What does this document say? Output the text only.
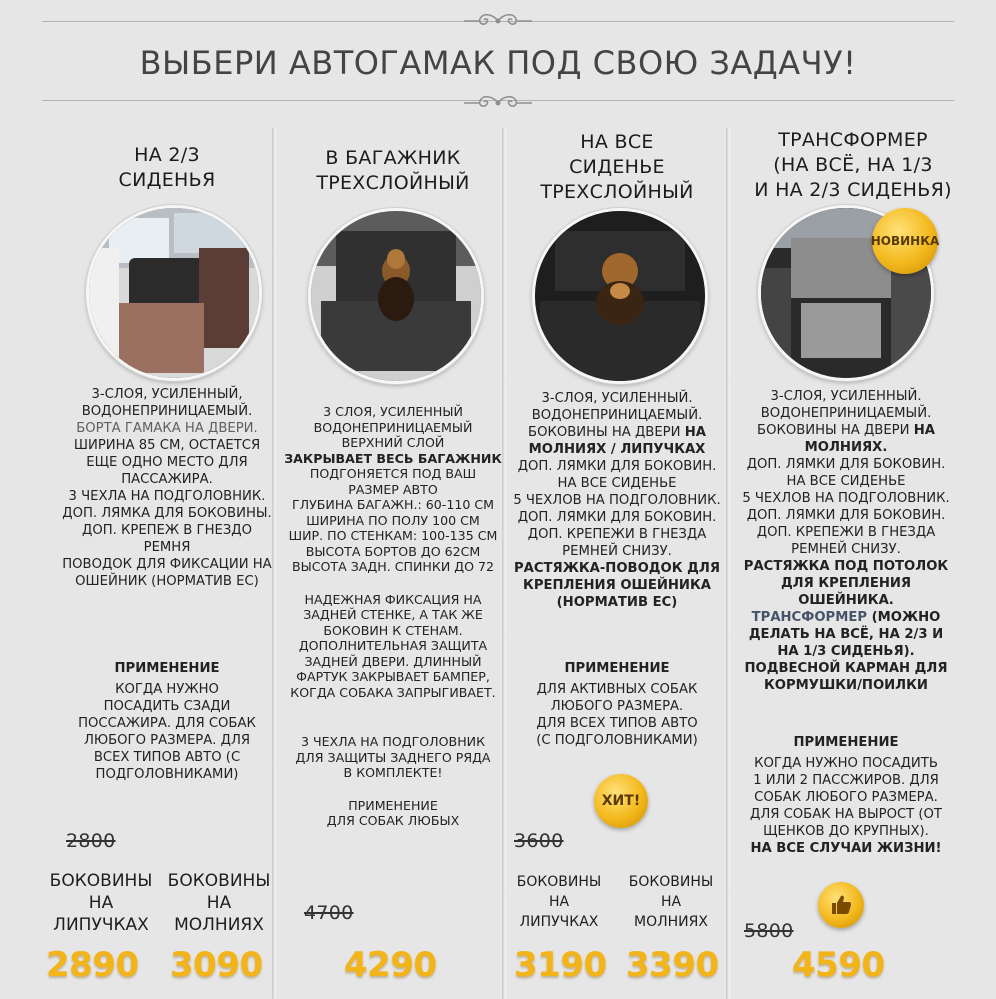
ВЫБЕРИ АВТОГАМАК ПОД СВОЮ ЗАДАЧУ!
НА 2/3
СИДЕНЬЯ
3-СЛОЯ, УСИЛЕННЫЙ,
ВОДОНЕПРИНИЦАЕМЫЙ.
БОРТА ГАМАКА НА ДВЕРИ.
ШИРИНА 85 СМ, ОСТАЕТСЯ
ЕЩЕ ОДНО МЕСТО ДЛЯ
ПАССАЖИРА.
3 ЧЕХЛА НА ПОДГОЛОВНИК.
ДОП. ЛЯМКА ДЛЯ БОКОВИНЫ.
ДОП. КРЕПЕЖ В ГНЕЗДО
РЕМНЯ
ПОВОДОК ДЛЯ ФИКСАЦИИ НА
ОШЕЙНИК (НОРМАТИВ ЕС)
ПРИМЕНЕНИЕ
КОГДА НУЖНО
ПОСАДИТЬ СЗАДИ
ПОССАЖИРА. ДЛЯ СОБАК
ЛЮБОГО РАЗМЕРА. ДЛЯ
ВСЕХ ТИПОВ АВТО (С
ПОДГОЛОВНИКАМИ)
2800
БОКОВИНЫ
НА
ЛИПУЧКАХ
БОКОВИНЫ
НА
МОЛНИЯХ
2890 3090
В БАГАЖНИК
ТРЕХСЛОЙНЫЙ
3 СЛОЯ, УСИЛЕННЫЙ
ВОДОНЕПРИНИЦАЕМЫЙ
ВЕРХНИЙ СЛОЙ
ЗАКРЫВАЕТ ВЕСЬ БАГАЖНИК
ПОДГОНЯЕТСЯ ПОД ВАШ
РАЗМЕР АВТО
ГЛУБИНА БАГАЖН.: 60-110 СМ
ШИРИНА ПО ПОЛУ 100 СМ
ШИР. ПО СТЕНКАМ: 100-135 СМ
ВЫСОТА БОРТОВ ДО 62СМ
ВЫСОТА ЗАДН. СПИНКИ ДО 72
НАДЕЖНАЯ ФИКСАЦИЯ НА
ЗАДНЕЙ СТЕНКЕ, А ТАК ЖЕ
БОКОВИН К СТЕНАМ.
ДОПОЛНИТЕЛЬНАЯ ЗАЩИТА
ЗАДНЕЙ ДВЕРИ. ДЛИННЫЙ
ФАРТУК ЗАКРЫВАЕТ БАМПЕР,
КОГДА СОБАКА ЗАПРЫГИВАЕТ.
3 ЧЕХЛА НА ПОДГОЛОВНИК
ДЛЯ ЗАЩИТЫ ЗАДНЕГО РЯДА
В КОМПЛЕКТЕ!
ПРИМЕНЕНИЕ
ДЛЯ СОБАК ЛЮБЫХ
4700
4290
НА ВСЕ
СИДЕНЬЕ
ТРЕХСЛОЙНЫЙ
3-СЛОЯ, УСИЛЕННЫЙ.
ВОДОНЕПРИНИЦАЕМЫЙ.
БОКОВИНЫ НА ДВЕРИ НА
МОЛНИЯХ / ЛИПУЧКАХ
ДОП. ЛЯМКИ ДЛЯ БОКОВИН.
НА ВСЕ СИДЕНЬЕ
5 ЧЕХЛОВ НА ПОДГОЛОВНИК.
ДОП. ЛЯМКИ ДЛЯ БОКОВИН.
ДОП. КРЕПЕЖИ В ГНЕЗДА
РЕМНЕЙ СНИЗУ.
РАСТЯЖКА-ПОВОДОК ДЛЯ
КРЕПЛЕНИЯ ОШЕЙНИКА
(НОРМАТИВ ЕС)
ПРИМЕНЕНИЕ
ДЛЯ АКТИВНЫХ СОБАК
ЛЮБОГО РАЗМЕРА.
ДЛЯ ВСЕХ ТИПОВ АВТО
(С ПОДГОЛОВНИКАМИ)
ХИТ!
3600
БОКОВИНЫ
НА
ЛИПУЧКАХ
БОКОВИНЫ
НА
МОЛНИЯХ
3190 3390
ТРАНСФОРМЕР
(НА ВСЁ, НА 1/3
И НА 2/3 СИДЕНЬЯ)
НОВИНКА
3-СЛОЯ, УСИЛЕННЫЙ.
ВОДОНЕПРИНИЦАЕМЫЙ.
БОКОВИНЫ НА ДВЕРИ НА
МОЛНИЯХ.
ДОП. ЛЯМКИ ДЛЯ БОКОВИН.
НА ВСЕ СИДЕНЬЕ
5 ЧЕХЛОВ НА ПОДГОЛОВНИК.
ДОП. ЛЯМКИ ДЛЯ БОКОВИН.
ДОП. КРЕПЕЖИ В ГНЕЗДА
РЕМНЕЙ СНИЗУ.
РАСТЯЖКА ПОД ПОТОЛОК
ДЛЯ КРЕПЛЕНИЯ
ОШЕЙНИКА.
ТРАНСФОРМЕР (МОЖНО
ДЕЛАТЬ НА ВСЁ, НА 2/3 И
НА 1/3 СИДЕНЬЯ).
ПОДВЕСНОЙ КАРМАН ДЛЯ
КОРМУШКИ/ПОИЛКИ
ПРИМЕНЕНИЕ
КОГДА НУЖНО ПОСАДИТЬ
1 ИЛИ 2 ПАССЖИРОВ. ДЛЯ
СОБАК ЛЮБОГО РАЗМЕРА.
ДЛЯ СОБАК НА ВЫРОСТ (ОТ
ЩЕНКОВ ДО КРУПНЫХ).
НА ВСЕ СЛУЧАИ ЖИЗНИ!
5800
4590
